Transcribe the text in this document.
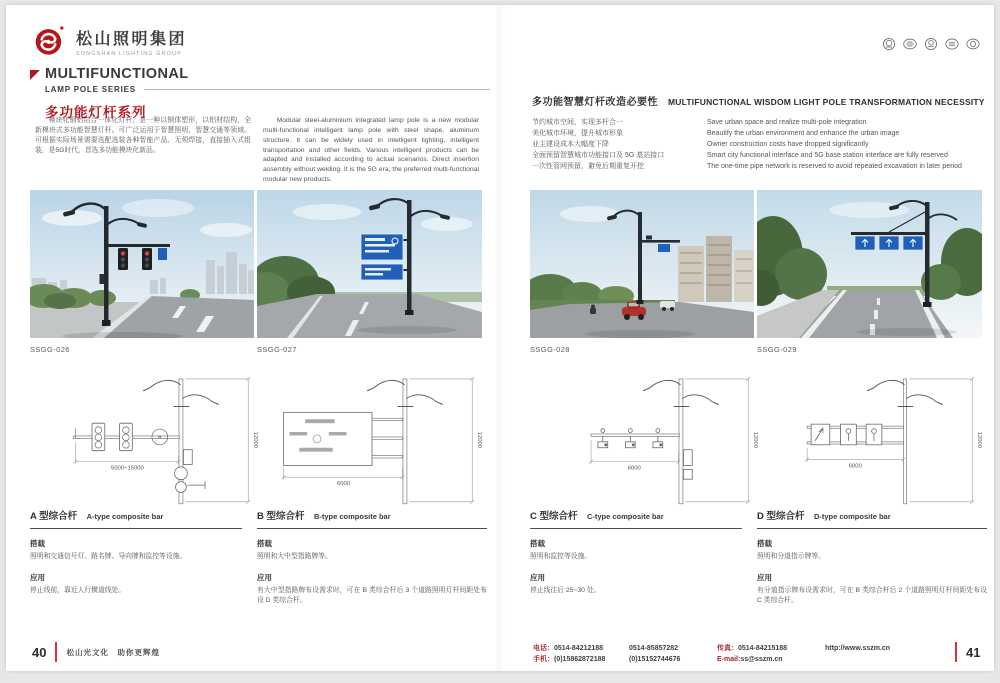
松山照明集团
SONGSHAN LIGHTING GROUP
MULTIFUNCTIONAL
LAMP POLE SERIES
多功能灯杆系列
模块化钢铝结合一体化灯杆，是一种以钢体塑形，以铝材结构，全新模块式多功能智慧灯杆。可广泛运用于智慧照明，智慧交通等领域。可根据实际场景需要选配选装各种智能产品。无须焊接，直接插入式组装，是5G时代，首选多功能模块化新品。
Modular steel-aluminium integrated lamp pole is a new modular multi-functional intelligent lamp pole with steel shape, aluminum structure. It can be widely used in intelligent lighting, intelligent transportation and other fields. Various intelligent products can be adapted and installed according to actual scenarios. Direct insertion assembly without welding. It is the 5G era, the preferred multi-functional modular new products.
SSGG-026	SSGG-027
5000~15000
12000
6000
12000
A 型综合杆 A-type composite bar
搭载
照明和交通信号灯、路名牌、导向牌和监控等设施。
应用
停止线前，靠近人行横道线处。
B 型综合杆 B-type composite bar
搭载
照明和大中型指路牌等。
应用
有大中型指路牌布设需求时，可在 B 类综合杆后 3 个道路照明灯杆间距处布设 D 类综合杆。
40	松山光文化　助你更辉煌
多功能智慧灯杆改造必要性 MULTIFUNCTIONAL WISDOM LIGHT POLE TRANSFORMATION NECESSITY
节约城市空间，实现多杆合一	Save urban space and realize multi-pole integration
美化城市环境，提升城市形象	Beautify the urban environment and enhance the urban image
业主建设成本大幅度下降	Owner construction costs have dropped significantly
全面预留智慧城市功能接口及 5G 基站接口	Smart city functional interface and 5G base station interface are fully reserved
一次性管网预留，避免后期重复开挖	The one-time pipe network is reserved to avoid repeated excavation in later period
SSGG-028	SSGG-029
6000
12000
6000
12000
C 型综合杆 C-type composite bar
搭载
照明和监控等设施。
应用
停止线往后 25~30 处。
D 型综合杆 D-type composite bar
搭载
照明和分道指示牌等。
应用
有分道指示牌布设需求时，可在 B 类综合杆后 2 个道路照明灯杆间距处布设 C 类综合杆。
电话：0514-84212188
手机：(0)15862872188
0514-85857282
(0)15152744676
传真：0514-84215188
E-mail:ss@sszm.cn
http://www.sszm.cn	41
